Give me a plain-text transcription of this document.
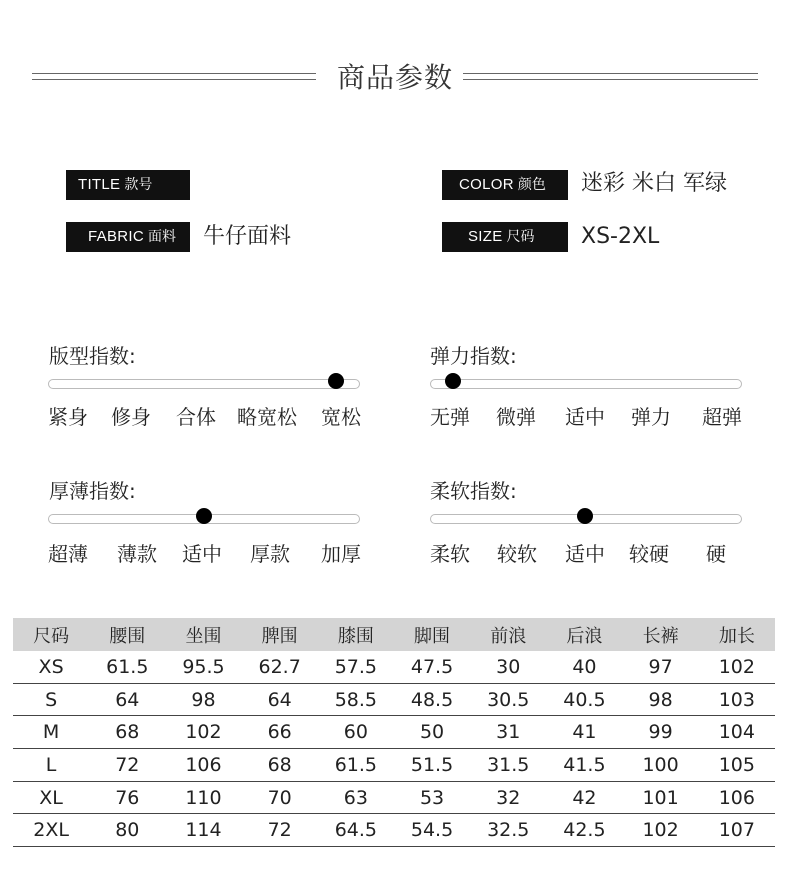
商品参数
TITLE 款号	COLOR 颜色	迷彩 米白 军绿
FABRIC 面料	牛仔面料	SIZE 尺码	XS-2XL
版型指数:
紧身 修身 合体 略宽松 宽松
弹力指数:
无弹 微弹 适中 弹力 超弹
厚薄指数:
超薄 薄款 适中 厚款 加厚
柔软指数:
柔软 较软 适中 较硬 硬
尺码	腰围	坐围	脾围	膝围	脚围	前浪	后浪	长裤	加长
XS	61.5	95.5	62.7	57.5	47.5	30	40	97	102
S	64	98	64	58.5	48.5	30.5	40.5	98	103
M	68	102	66	60	50	31	41	99	104
L	72	106	68	61.5	51.5	31.5	41.5	100	105
XL	76	110	70	63	53	32	42	101	106
2XL	80	114	72	64.5	54.5	32.5	42.5	102	107
